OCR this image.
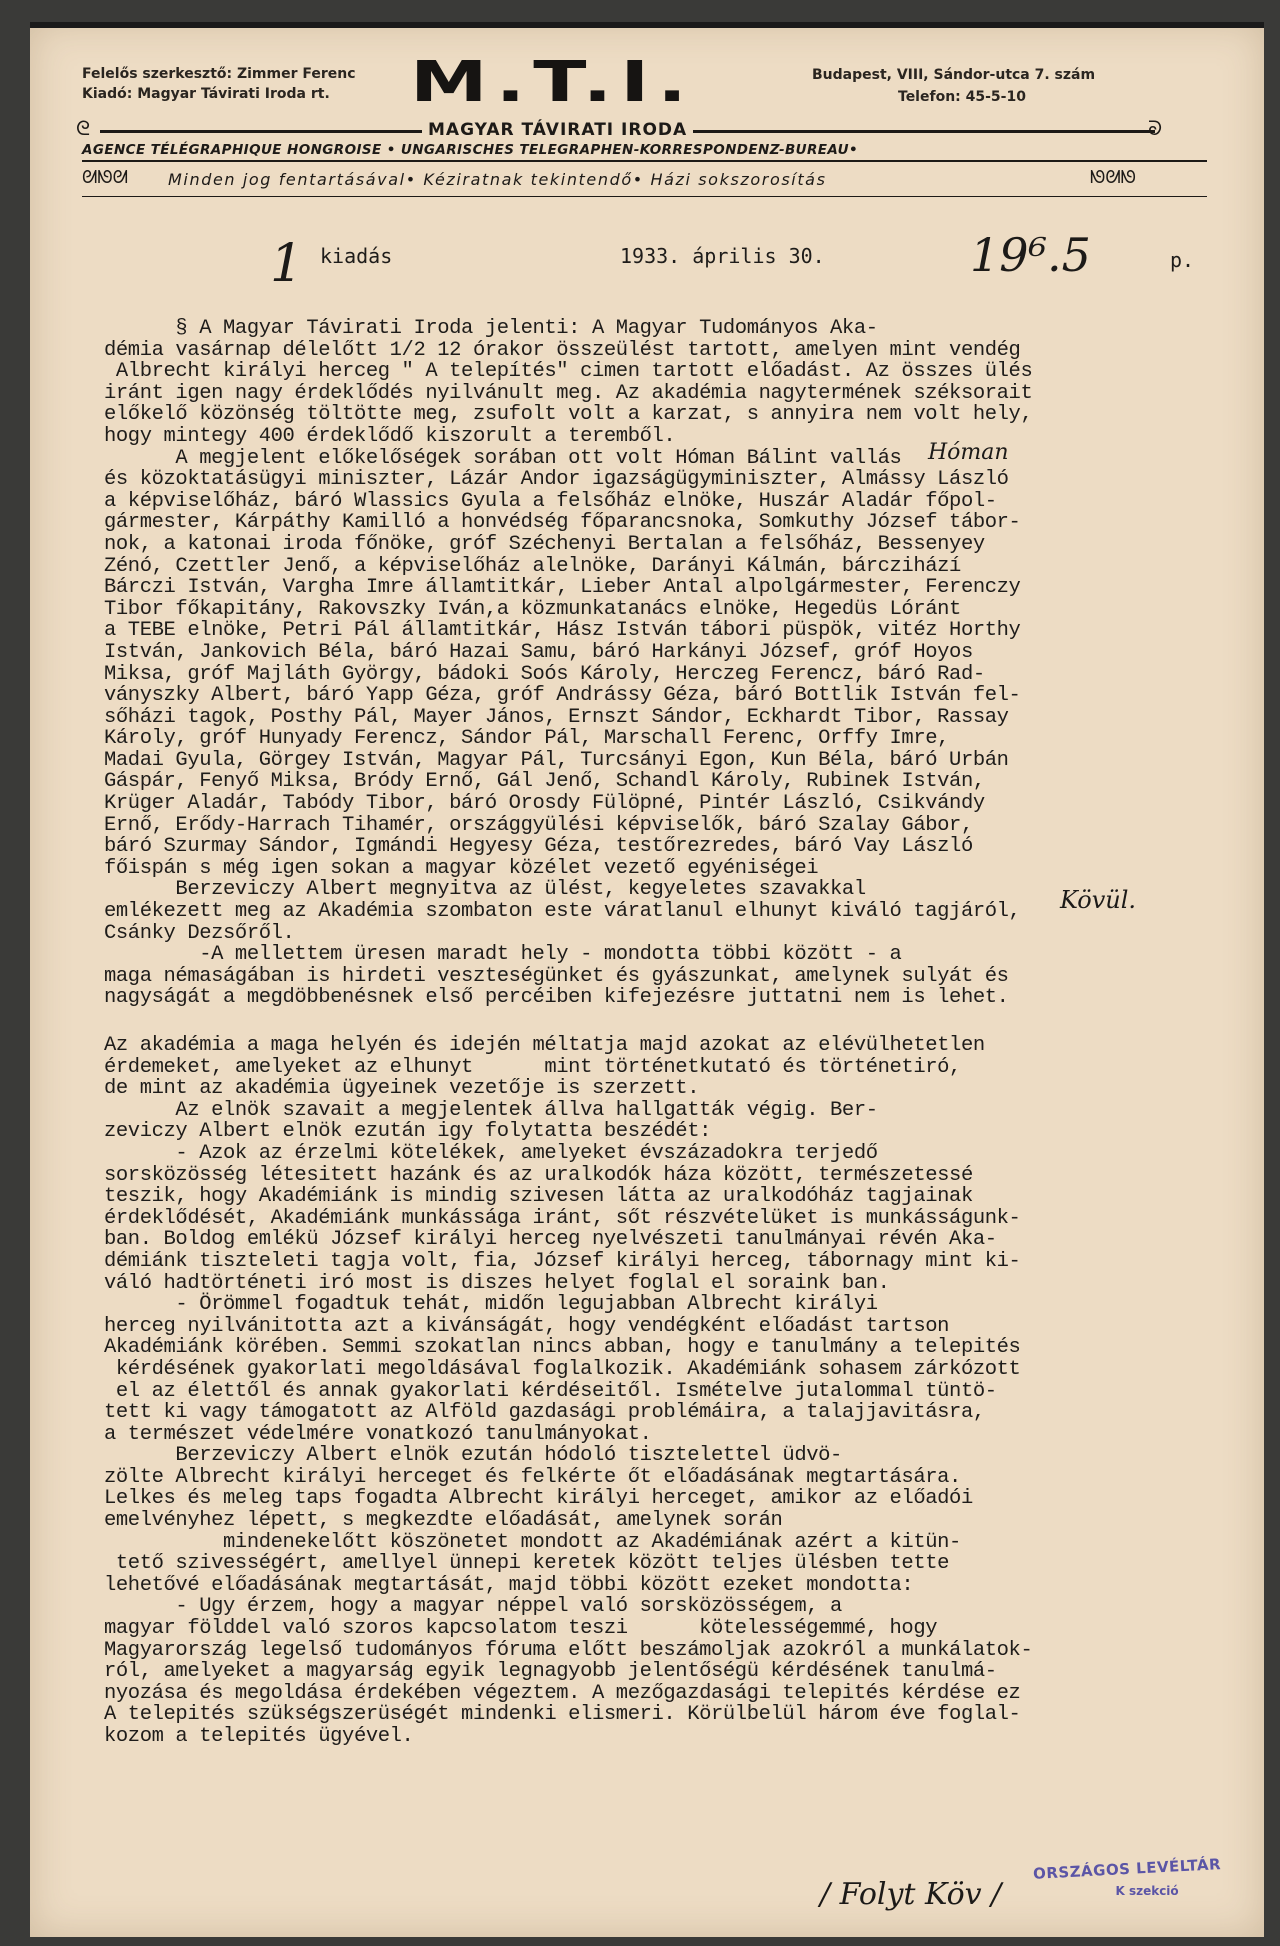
Felelős szerkesztő: Zimmer Ferenc
Kiadó: Magyar Távirati Iroda rt.	M.T.I.	Budapest, VIII, Sándor-utca 7. szám
Telefon: 45-5-10
ᘓ	ᘐ
MAGYAR TÁVIRATI IRODA
AGENCE TÉLÉGRAPHIQUE HONGROISE • UNGARISCHES TELEGRAPHEN-KORRESPONDENZ-BUREAU•
ᘛᘚᘛ	Minden jog fentartásával• Kéziratnak tekintendő• Házi sokszorosítás	ᘚᘛᘚ
1 kiadás	1933. április 30.	19⁶.5	p.
Hóman
Kövül.

§ A Magyar Távirati Iroda jelenti: A Magyar Tudományos Aka-

démia vasárnap délelőtt 1/2 12 órakor összeülést tartott, amelyen mint vendég

Albrecht királyi herceg " A telepítés" cimen tartott előadást. Az összes ülés

iránt igen nagy érdeklődés nyilvánult meg. Az akadémia nagytermének széksorait

előkelő közönség töltötte meg, zsufolt volt a karzat, s annyira nem volt hely,

hogy mintegy 400 érdeklődő kiszorult a teremből.

A megjelent előkelőségek sorában ott volt Hóman Bálint vallás

és közoktatásügyi miniszter, Lázár Andor igazságügyminiszter, Almássy László

a képviselőház, báró Wlassics Gyula a felsőház elnöke, Huszár Aladár főpol-

gármester, Kárpáthy Kamilló a honvédség főparancsnoka, Somkuthy József tábor-

nok, a katonai iroda főnöke, gróf Széchenyi Bertalan a felsőház, Bessenyey

Zénó, Czettler Jenő, a képviselőház alelnöke, Darányi Kálmán, bárczihází

Bárczi István, Vargha Imre államtitkár, Lieber Antal alpolgármester, Ferenczy

Tibor főkapitány, Rakovszky Iván,a közmunkatanács elnöke, Hegedüs Lóránt

a TEBE elnöke, Petri Pál államtitkár, Hász István tábori püspök, vitéz Horthy

István, Jankovich Béla, báró Hazai Samu, báró Harkányi József, gróf Hoyos

Miksa, gróf Majláth György, bádoki Soós Károly, Herczeg Ferencz, báró Rad-

ványszky Albert, báró Yapp Géza, gróf Andrássy Géza, báró Bottlik István fel-

sőházi tagok, Posthy Pál, Mayer János, Ernszt Sándor, Eckhardt Tibor, Rassay

Károly, gróf Hunyady Ferencz, Sándor Pál, Marschall Ferenc, Orffy Imre,

Madai Gyula, Görgey István, Magyar Pál, Turcsányi Egon, Kun Béla, báró Urbán

Gáspár, Fenyő Miksa, Bródy Ernő, Gál Jenő, Schandl Károly, Rubinek István,

Krüger Aladár, Tabódy Tibor, báró Orosdy Fülöpné, Pintér László, Csikvándy

Ernő, Erődy-Harrach Tihamér, országgyülési képviselők, báró Szalay Gábor,

báró Szurmay Sándor, Igmándi Hegyesy Géza, testőrezredes, báró Vay László

főispán s még igen sokan a magyar közélet vezető egyéniségei

Berzeviczy Albert megnyitva az ülést, kegyeletes szavakkal

emlékezett meg az Akadémia szombaton este váratlanul elhunyt kiváló tagjáról,

Csánky Dezsőről.

-A mellettem üresen maradt hely - mondotta többi között - a

maga némaságában is hirdeti veszteségünket és gyászunkat, amelynek sulyát és

nagyságát a megdöbbenésnek első percéiben kifejezésre juttatni nem is lehet.

Az akadémia a maga helyén és idején méltatja majd azokat az elévülhetetlen

érdemeket, amelyeket az elhunyt      mint történetkutató és történetiró,

de mint az akadémia ügyeinek vezetője is szerzett.

Az elnök szavait a megjelentek állva hallgatták végig. Ber-

zeviczy Albert elnök ezután igy folytatta beszédét:

- Azok az érzelmi kötelékek, amelyeket évszázadokra terjedő

sorsközösség létesitett hazánk és az uralkodók háza között, természetessé

teszik, hogy Akadémiánk is mindig szivesen látta az uralkodóház tagjainak

érdeklődését, Akadémiánk munkássága iránt, sőt részvételüket is munkásságunk-

ban. Boldog emlékü József királyi herceg nyelvészeti tanulmányai révén Aka-

démiánk tiszteleti tagja volt, fia, József királyi herceg, tábornagy mint ki-

váló hadtörténeti iró most is diszes helyet foglal el soraink ban.

- Örömmel fogadtuk tehát, midőn legujabban Albrecht királyi

herceg nyilvánitotta azt a kivánságát, hogy vendégként előadást tartson

Akadémiánk körében. Semmi szokatlan nincs abban, hogy e tanulmány a telepités

kérdésének gyakorlati megoldásával foglalkozik. Akadémiánk sohasem zárkózott

el az élettől és annak gyakorlati kérdéseitől. Ismételve jutalommal tüntö-

tett ki vagy támogatott az Alföld gazdasági problémáira, a talajjavitásra,

a természet védelmére vonatkozó tanulmányokat.

Berzeviczy Albert elnök ezután hódoló tisztelettel üdvö-

zölte Albrecht királyi herceget és felkérte őt előadásának megtartására.

Lelkes és meleg taps fogadta Albrecht királyi herceget, amikor az előadói

emelvényhez lépett, s megkezdte előadását, amelynek során

mindenekelőtt köszönetet mondott az Akadémiának azért a kitün-

tető szivességért, amellyel ünnepi keretek között teljes ülésben tette

lehetővé előadásának megtartását, majd többi között ezeket mondotta:

- Ugy érzem, hogy a magyar néppel való sorsközösségem, a

magyar földdel való szoros kapcsolatom teszi      kötelességemmé, hogy

Magyarország legelső tudományos fóruma előtt beszámoljak azokról a munkálatok-

ról, amelyeket a magyarság egyik legnagyobb jelentőségü kérdésének tanulmá-

nyozása és megoldása érdekében végeztem. A mezőgazdasági telepités kérdése ez

A telepités szükségszerüségét mindenki elismeri. Körülbelül három éve foglal-

kozom a telepités ügyével.

/ Folyt Köv /
ORSZÁGOS LEVÉLTÁR
K szekció
